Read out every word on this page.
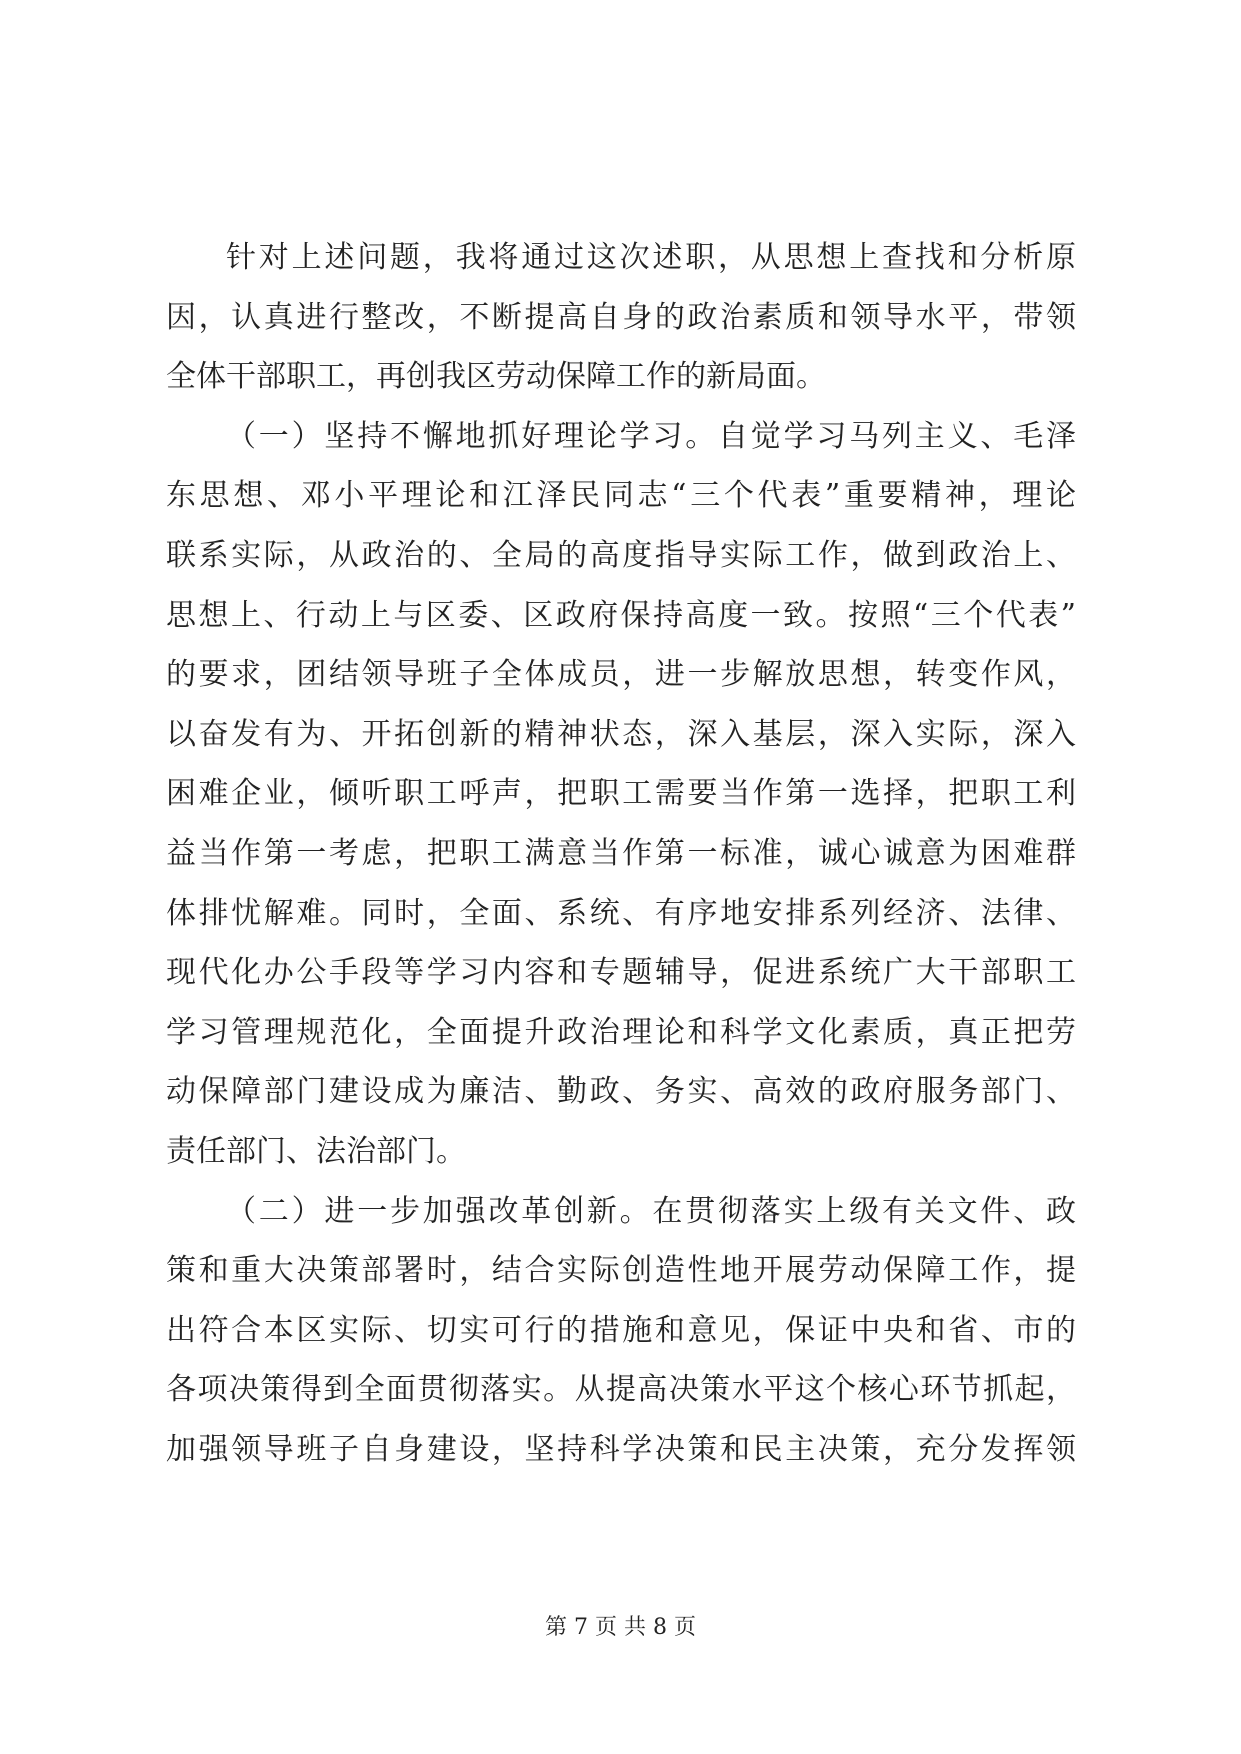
针对上述问题，我将通过这次述职，从思想上查找和分析原
因，认真进行整改，不断提高自身的政治素质和领导水平，带领
全体干部职工，再创我区劳动保障工作的新局面。
（一）坚持不懈地抓好理论学习。自觉学习马列主义、毛泽
东思想、邓小平理论和江泽民同志“三个代表”重要精神，理论
联系实际，从政治的、全局的高度指导实际工作，做到政治上、
思想上、行动上与区委、区政府保持高度一致。按照“三个代表”
的要求，团结领导班子全体成员，进一步解放思想，转变作风，
以奋发有为、开拓创新的精神状态，深入基层，深入实际，深入
困难企业，倾听职工呼声，把职工需要当作第一选择，把职工利
益当作第一考虑，把职工满意当作第一标准，诚心诚意为困难群
体排忧解难。同时，全面、系统、有序地安排系列经济、法律、
现代化办公手段等学习内容和专题辅导，促进系统广大干部职工
学习管理规范化，全面提升政治理论和科学文化素质，真正把劳
动保障部门建设成为廉洁、勤政、务实、高效的政府服务部门、
责任部门、法治部门。
（二）进一步加强改革创新。在贯彻落实上级有关文件、政
策和重大决策部署时，结合实际创造性地开展劳动保障工作，提
出符合本区实际、切实可行的措施和意见，保证中央和省、市的
各项决策得到全面贯彻落实。从提高决策水平这个核心环节抓起，
加强领导班子自身建设，坚持科学决策和民主决策，充分发挥领
第 7 页 共 8 页
